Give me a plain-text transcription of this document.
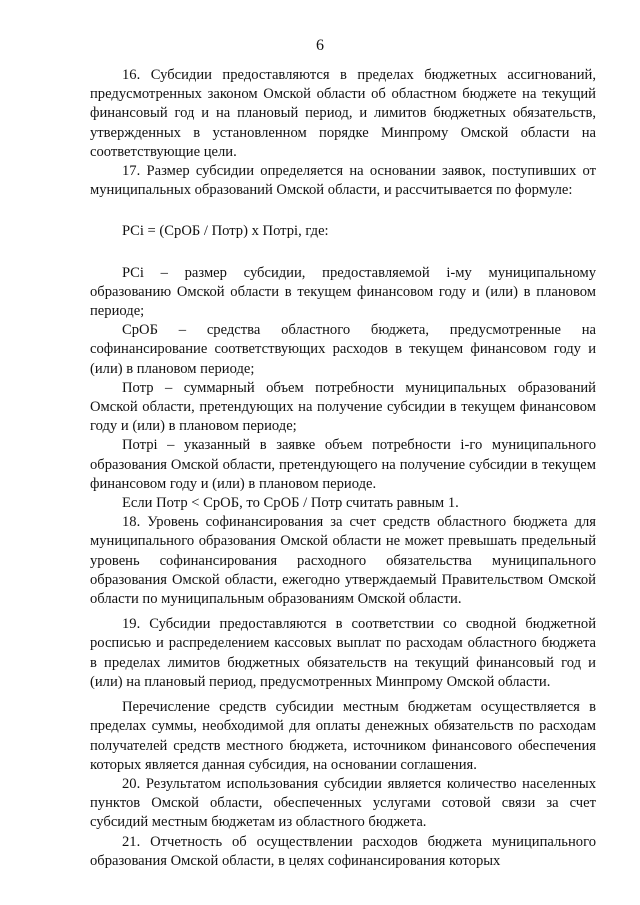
6

16. Субсидии предоставляются в пределах бюджетных ассигнований, предусмотренных законом Омской области об областном бюджете на текущий финансовый год и на плановый период, и лимитов бюджетных обязательств, утвержденных в установленном порядке Минпрому Омской области на соответствующие цели.

17. Размер субсидии определяется на основании заявок, поступивших от муниципальных образований Омской области, и рассчитывается по формуле:

PCi = (СрОБ / Потр) х Потрi, где:

PCi – размер субсидии, предоставляемой i-му муниципальному образованию Омской области в текущем финансовом году и (или) в плановом периоде;

СрОБ – средства областного бюджета, предусмотренные на софинансирование соответствующих расходов в текущем финансовом году и (или) в плановом периоде;

Потр – суммарный объем потребности муниципальных образований Омской области, претендующих на получение субсидии в текущем финансовом году и (или) в плановом периоде;

Потрi – указанный в заявке объем потребности i-го муниципального образования Омской области, претендующего на получение субсидии в текущем финансовом году и (или) в плановом периоде.

Если Потр < СрОБ, то СрОБ / Потр считать равным 1.

18. Уровень софинансирования за счет средств областного бюджета для муниципального образования Омской области не может превышать предельный уровень софинансирования расходного обязательства муниципального образования Омской области, ежегодно утверждаемый Правительством Омской области по муниципальным образованиям Омской области.

19. Субсидии предоставляются в соответствии со сводной бюджетной росписью и распределением кассовых выплат по расходам областного бюджета в пределах лимитов бюджетных обязательств на текущий финансовый год и (или) на плановый период, предусмотренных Минпрому Омской области.

Перечисление средств субсидии местным бюджетам осуществляется в пределах суммы, необходимой для оплаты денежных обязательств по расходам получателей средств местного бюджета, источником финансового обеспечения которых является данная субсидия, на основании соглашения.

20. Результатом использования субсидии является количество населенных пунктов Омской области, обеспеченных услугами сотовой связи за счет субсидий местным бюджетам из областного бюджета.

21. Отчетность об осуществлении расходов бюджета муниципального образования Омской области, в целях софинансирования которых
